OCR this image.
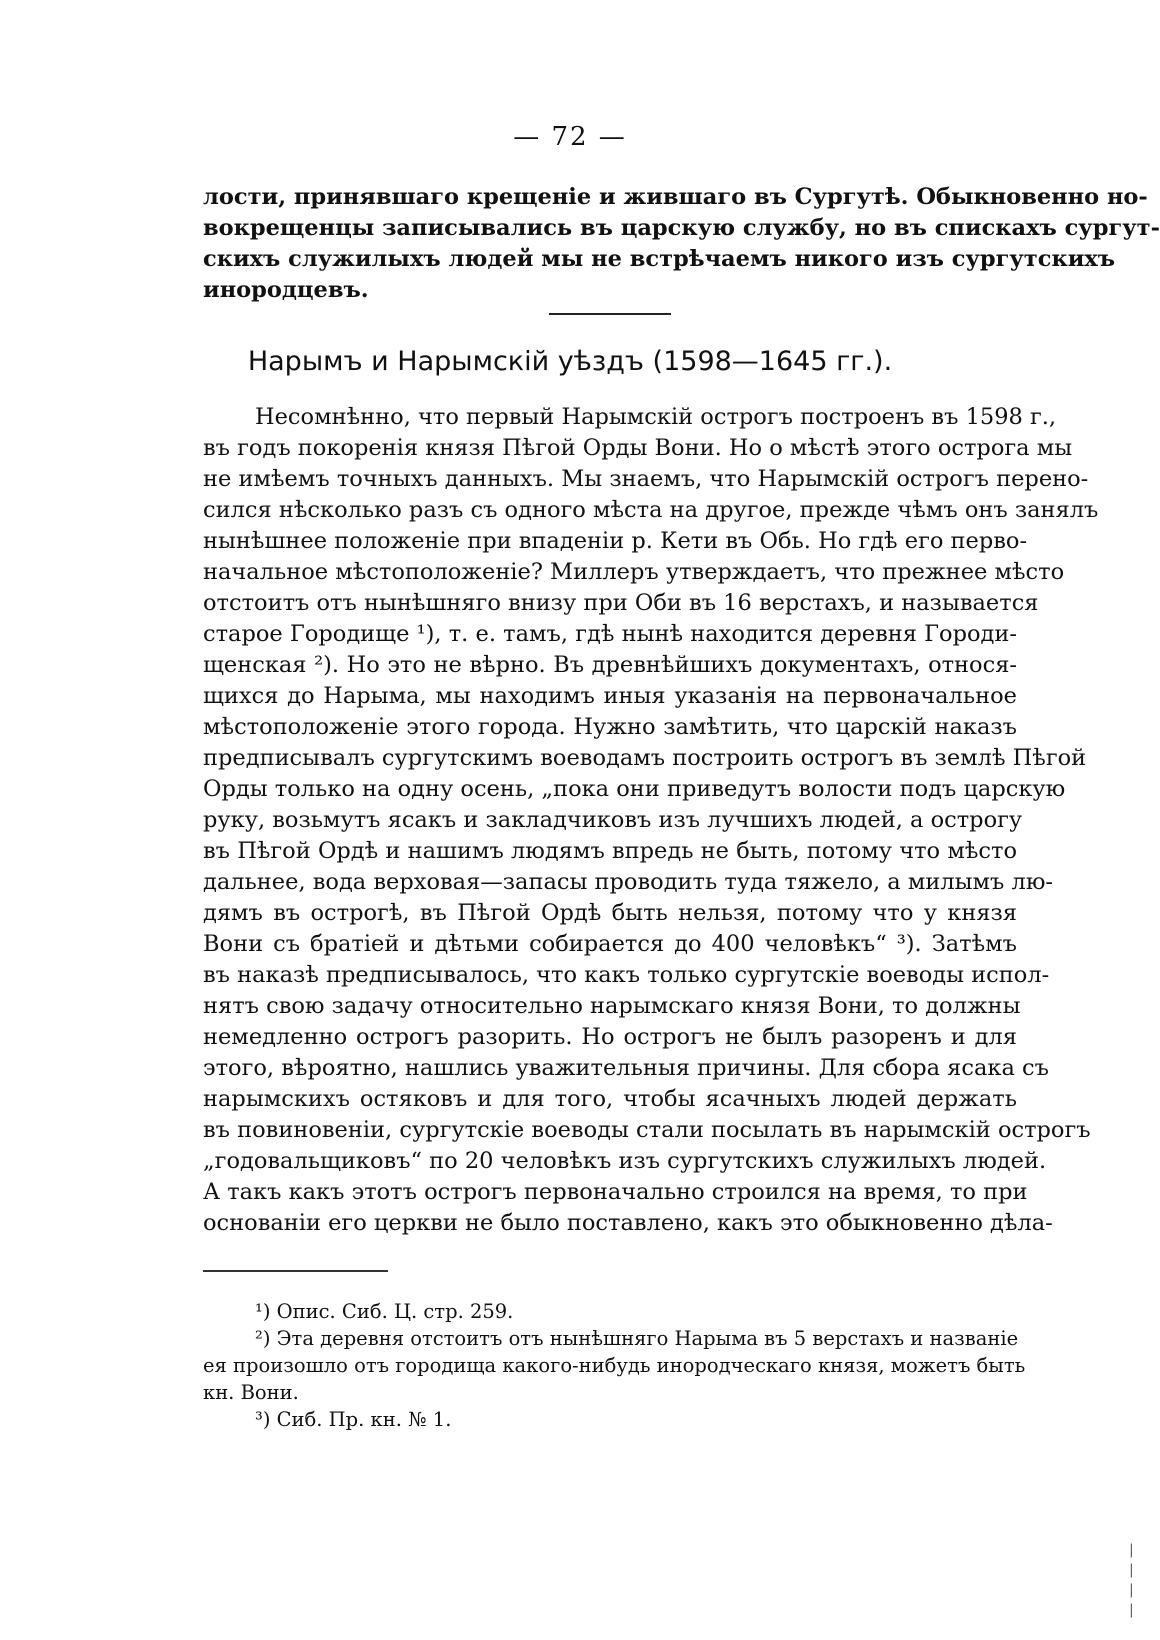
— 72 —
лости, принявшаго крещеніе и жившаго въ Сургутѣ. Обыкновенно но-
вокрещенцы записывались въ царскую службу, но въ спискахъ сургут-
скихъ служилыхъ людей мы не встрѣчаемъ никого изъ сургутскихъ
инородцевъ.
Нарымъ и Нарымскій уѣздъ (1598—1645 гг.).
Несомнѣнно, что первый Нарымскій острогъ построенъ въ 1598 г.,
въ годъ покоренія князя Пѣгой Орды Вони. Но о мѣстѣ этого острога мы
не имѣемъ точныхъ данныхъ. Мы знаемъ, что Нарымскій острогъ перено-
сился нѣсколько разъ съ одного мѣста на другое, прежде чѣмъ онъ занялъ
нынѣшнее положеніе при впаденіи р. Кети въ Обь. Но гдѣ его перво-
начальное мѣстоположеніе? Миллеръ утверждаетъ, что прежнее мѣсто
отстоитъ отъ нынѣшняго внизу при Оби въ 16 верстахъ, и называется
старое Городище ¹), т. е. тамъ, гдѣ нынѣ находится деревня Городи-
щенская ²). Но это не вѣрно. Въ древнѣйшихъ документахъ, относя-
щихся до Нарыма, мы находимъ иныя указанія на первоначальное
мѣстоположеніе этого города. Нужно замѣтить, что царскій наказъ
предписывалъ сургутскимъ воеводамъ построить острогъ въ землѣ Пѣгой
Орды только на одну осень, „пока они приведутъ волости подъ царскую
руку, возьмутъ ясакъ и закладчиковъ изъ лучшихъ людей, а острогу
въ Пѣгой Ордѣ и нашимъ людямъ впредь не быть, потому что мѣсто
дальнее, вода верховая—запасы проводить туда тяжело, а милымъ лю-
дямъ въ острогѣ, въ Пѣгой Ордѣ быть нельзя, потому что у князя
Вони съ братіей и дѣтьми собирается до 400 человѣкъ“ ³). Затѣмъ
въ наказѣ предписывалось, что какъ только сургутскіе воеводы испол-
нятъ свою задачу относительно нарымскаго князя Вони, то должны
немедленно острогъ разорить. Но острогъ не былъ разоренъ и для
этого, вѣроятно, нашлись уважительныя причины. Для сбора ясака съ
нарымскихъ остяковъ и для того, чтобы ясачныхъ людей держать
въ повиновеніи, сургутскіе воеводы стали посылать въ нарымскій острогъ
„годовальщиковъ“ по 20 человѣкъ изъ сургутскихъ служилыхъ людей.
А такъ какъ этотъ острогъ первоначально строился на время, то при
основаніи его церкви не было поставлено, какъ это обыкновенно дѣла-
¹) Опис. Сиб. Ц. стр. 259.
²) Эта деревня отстоитъ отъ нынѣшняго Нарыма въ 5 верстахъ и названіе
ея произошло отъ городища какого-нибудь инородческаго князя, можетъ быть
кн. Вони.
³) Сиб. Пр. кн. № 1.
|
|
|
|
